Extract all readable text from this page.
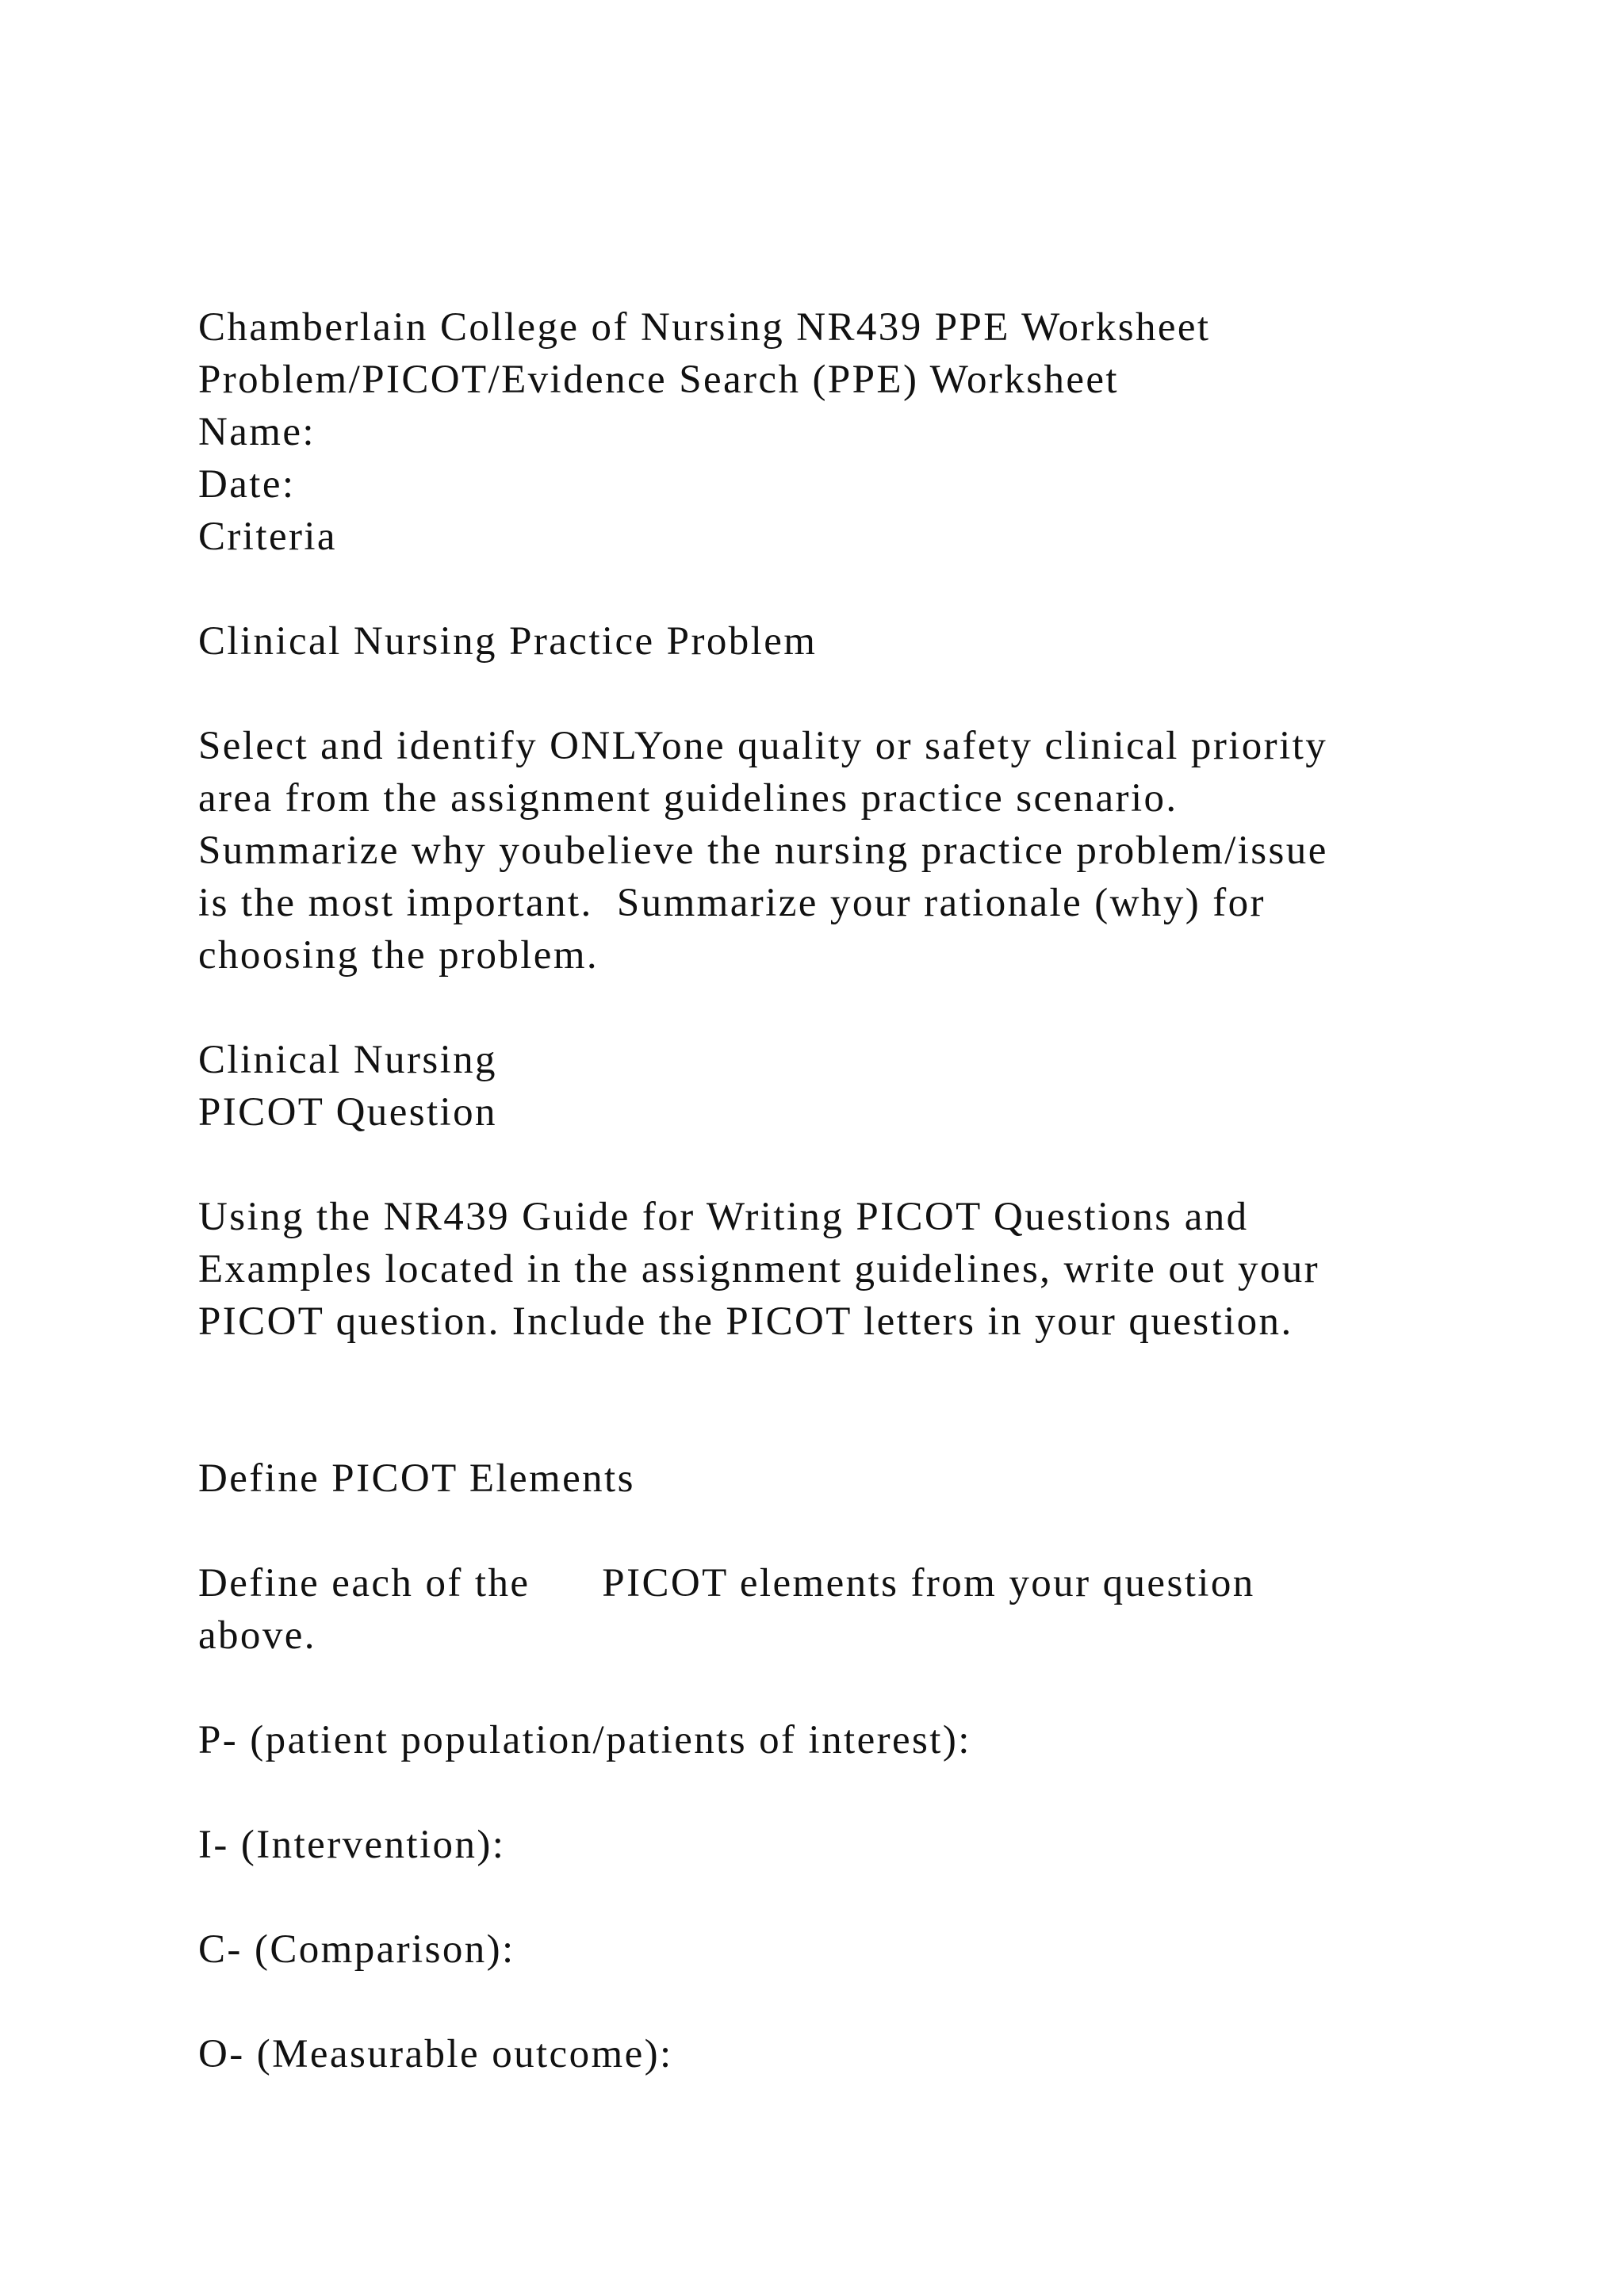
Chamberlain College of Nursing NR439 PPE Worksheet

Problem/PICOT/Evidence Search (PPE) Worksheet

Name:

Date:

Criteria

Clinical Nursing Practice Problem

Select and identify ONLYone quality or safety clinical priority

area from the assignment guidelines practice scenario.

Summarize why youbelieve the nursing practice problem/issue

is the most important.  Summarize your rationale (why) for

choosing the problem.

Clinical Nursing

PICOT Question

Using the NR439 Guide for Writing PICOT Questions and

Examples located in the assignment guidelines, write out your

PICOT question. Include the PICOT letters in your question.

Define PICOT Elements

Define each of the      PICOT elements from your question

above.

P- (patient population/patients of interest):

I- (Intervention):

C- (Comparison):

O- (Measurable outcome):
